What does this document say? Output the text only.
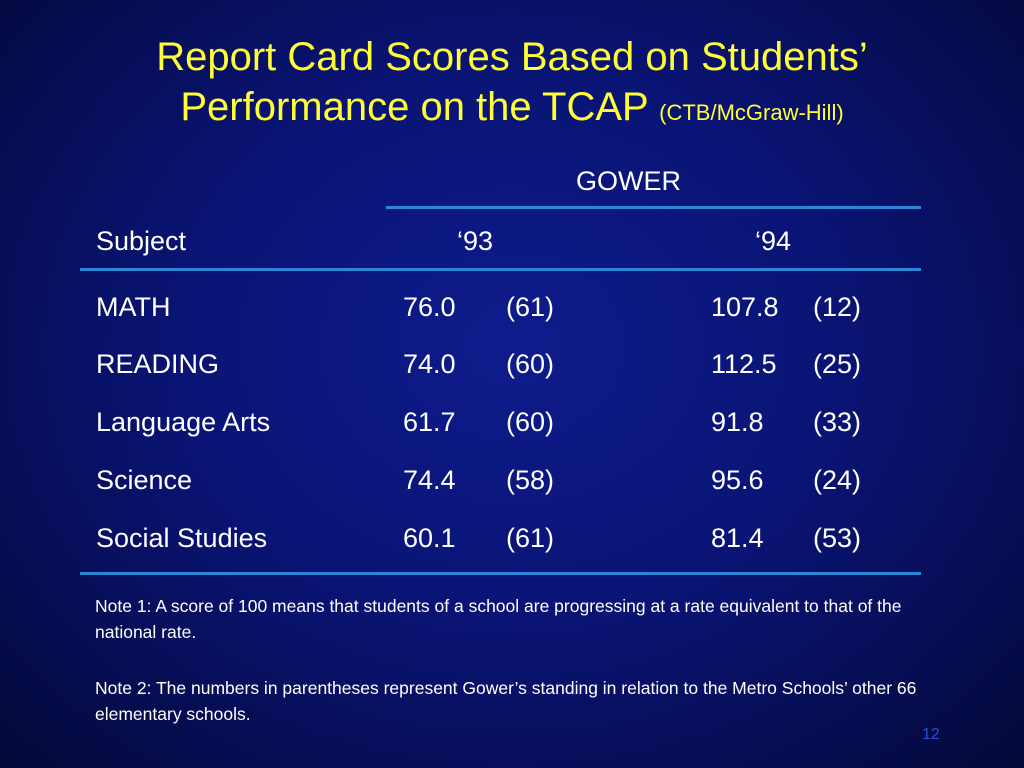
Report Card Scores Based on Students’
Performance on the TCAP (CTB/McGraw-Hill)
GOWER
Subject	‘93	‘94
MATH	76.0 (61)	107.8 (12)
READING	74.0 (60)	112.5 (25)
Language Arts	61.7 (60)	91.8 (33)
Science	74.4 (58)	95.6 (24)
Social Studies	60.1 (61)	81.4 (53)

Note 1: A score of 100 means that students of a school are progressing at a rate equivalent to that of the national rate.

Note 2: The numbers in parentheses represent Gower’s standing in relation to the Metro Schools’ other 66 elementary schools.

12
